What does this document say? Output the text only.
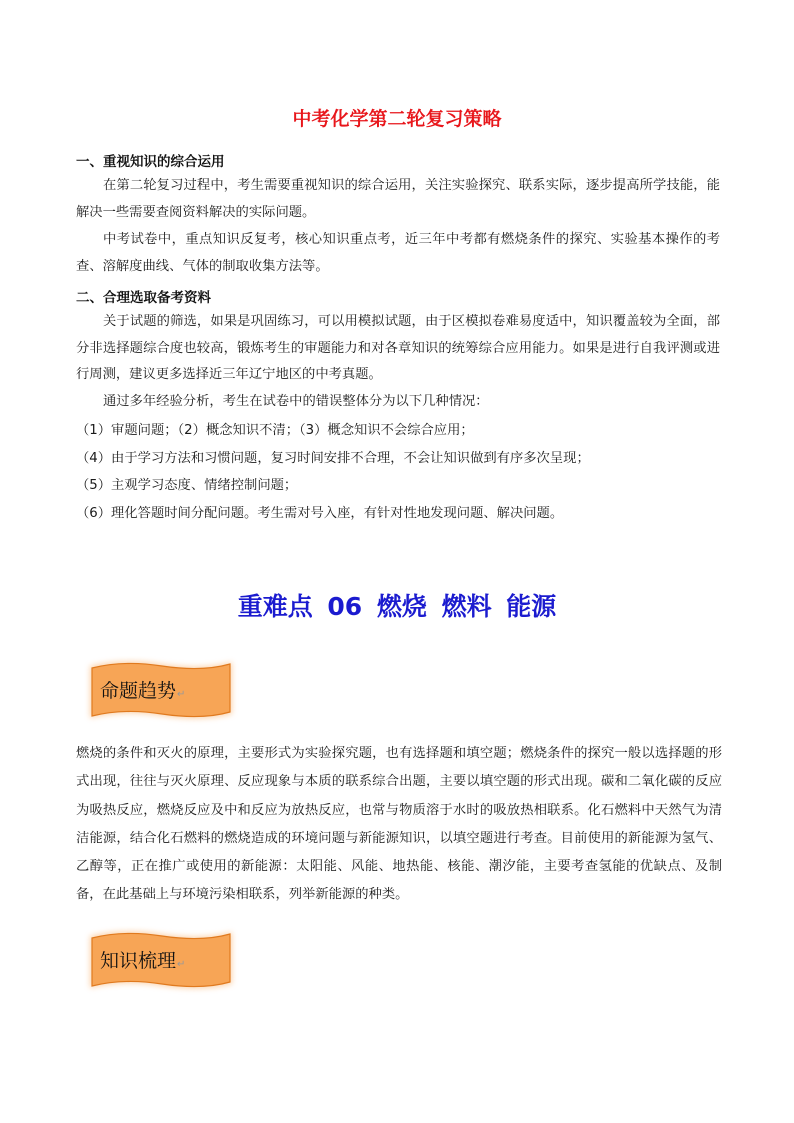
中考化学第二轮复习策略
一、重视知识的综合运用

在第二轮复习过程中，考生需要重视知识的综合运用，关注实验探究、联系实际，逐步提高所学技能，能解决一些需要查阅资料解决的实际问题。

中考试卷中，重点知识反复考，核心知识重点考，近三年中考都有燃烧条件的探究、实验基本操作的考查、溶解度曲线、气体的制取收集方法等。

二、合理选取备考资料

关于试题的筛选，如果是巩固练习，可以用模拟试题，由于区模拟卷难易度适中，知识覆盖较为全面，部分非选择题综合度也较高，锻炼考生的审题能力和对各章知识的统筹综合应用能力。如果是进行自我评测或进行周测，建议更多选择近三年辽宁地区的中考真题。

通过多年经验分析，考生在试卷中的错误整体分为以下几种情况：

（1）审题问题；（2）概念知识不清；（3）概念知识不会综合应用；
（4）由于学习方法和习惯问题，复习时间安排不合理，不会让知识做到有序多次呈现；
（5）主观学习态度、情绪控制问题；
（6）理化答题时间分配问题。考生需对号入座，有针对性地发现问题、解决问题。
重难点 06 燃烧 燃料 能源
命题趋势↵

燃烧的条件和灭火的原理，主要形式为实验探究题，也有选择题和填空题；燃烧条件的探究一般以选择题的形式出现，往往与灭火原理、反应现象与本质的联系综合出题，主要以填空题的形式出现。碳和二氧化碳的反应为吸热反应，燃烧反应及中和反应为放热反应，也常与物质溶于水时的吸放热相联系。化石燃料中天然气为清洁能源，结合化石燃料的燃烧造成的环境问题与新能源知识，以填空题进行考查。目前使用的新能源为氢气、乙醇等，正在推广或使用的新能源：太阳能、风能、地热能、核能、潮汐能，主要考查氢能的优缺点、及制备，在此基础上与环境污染相联系，列举新能源的种类。

知识梳理↵
